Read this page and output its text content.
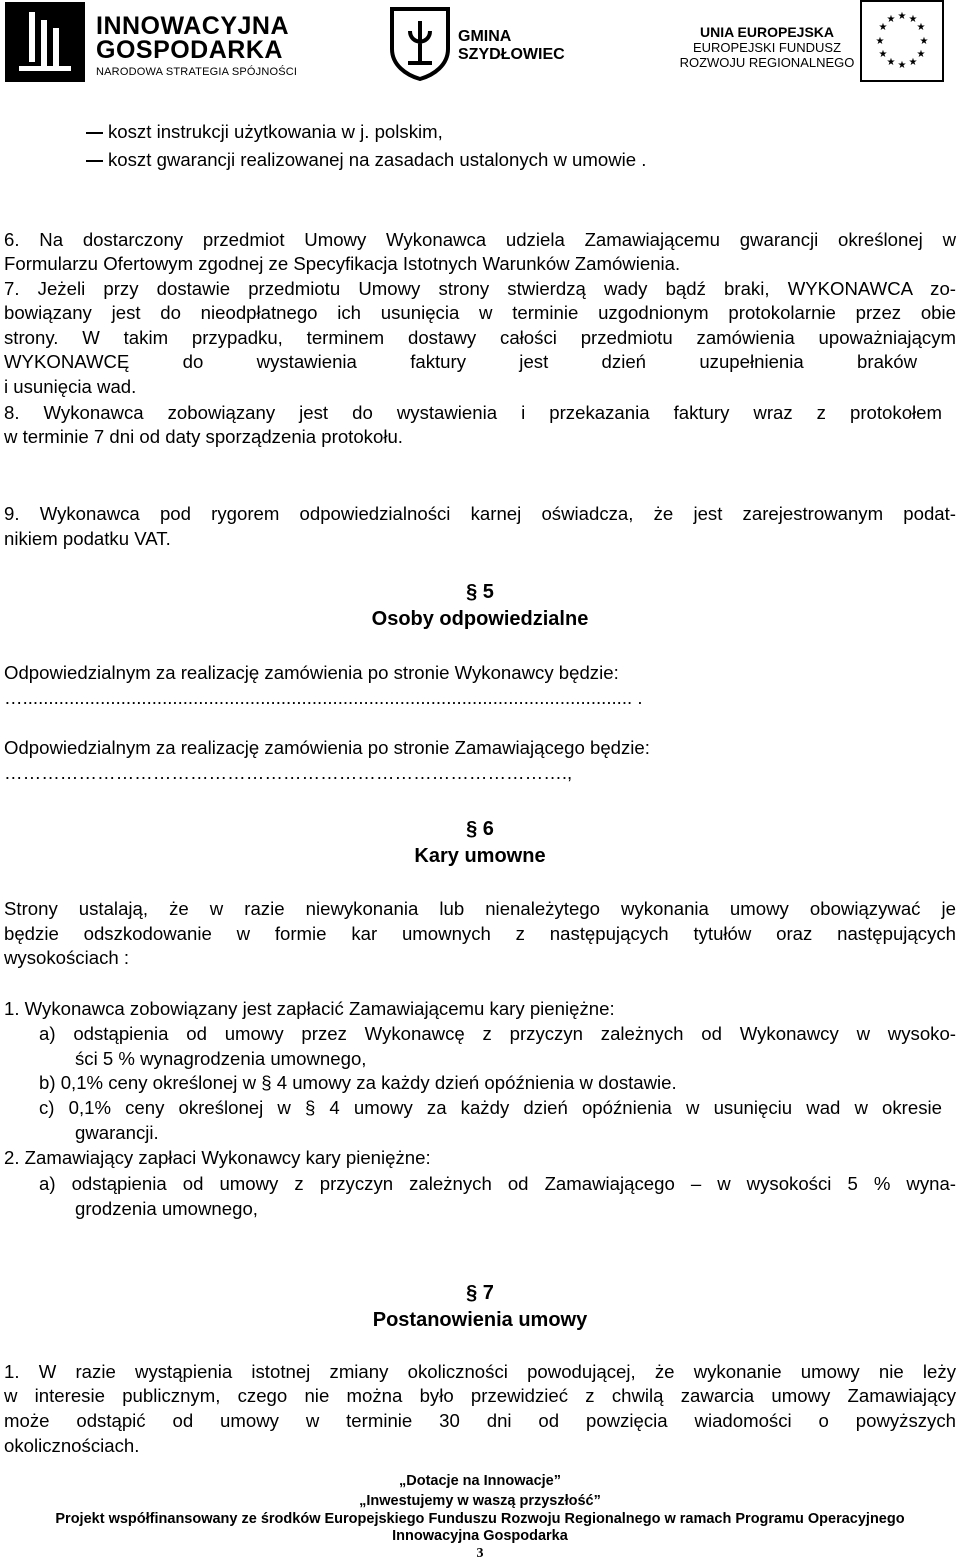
INNOWACYJNA
GOSPODARKA
NARODOWA STRATEGIA SPÓJNOŚCI
GMINA
SZYDŁOWIEC
UNIA EUROPEJSKA
EUROPEJSKI FUNDUSZ
ROZWOJU REGIONALNEGO
★ ★
★
★
★
★
★
★
★
★
★
★
koszt instrukcji użytkowania w j. polskim,
koszt gwarancji realizowanej na zasadach ustalonych w umowie .
6. Na dostarczony przedmiot Umowy Wykonawca udziela Zamawiającemu gwarancji określonej w
Formularzu Ofertowym zgodnej ze Specyfikacja Istotnych Warunków Zamówienia.
7. Jeżeli przy dostawie przedmiotu Umowy strony stwierdzą wady bądź braki, WYKONAWCA zo-
bowiązany jest do nieodpłatnego ich usunięcia w terminie uzgodnionym protokolarnie przez obie
strony. W takim przypadku, terminem dostawy całości przedmiotu zamówienia upoważniającym
WYKONAWCĘ do wystawienia faktury jest dzień uzupełnienia braków
i usunięcia wad.
8. Wykonawca zobowiązany jest do wystawienia i przekazania faktury wraz z protokołem
w terminie 7 dni od daty sporządzenia protokołu.
9. Wykonawca pod rygorem odpowiedzialności karnej oświadcza, że jest zarejestrowanym podat-
nikiem podatku VAT.
§ 5
Osoby odpowiedzialne
Odpowiedzialnym za realizację zamówienia po stronie Wykonawcy będzie:
…...................................................................................................................... .
Odpowiedzialnym za realizację zamówienia po stronie Zamawiającego będzie:
……………………………………………………………………………….,
§ 6
Kary umowne
Strony ustalają, że w razie niewykonania lub nienależytego wykonania umowy obowiązywać je
będzie odszkodowanie w formie kar umownych z następujących tytułów oraz następujących
wysokościach :
1. Wykonawca zobowiązany jest zapłacić Zamawiającemu kary pieniężne:
a) odstąpienia od umowy przez Wykonawcę z przyczyn zależnych od Wykonawcy w wysoko-
ści 5 % wynagrodzenia umownego,
b) 0,1% ceny określonej w § 4 umowy za każdy dzień opóźnienia w dostawie.
c) 0,1% ceny określonej w § 4 umowy za każdy dzień opóźnienia w usunięciu wad w okresie
gwarancji.
2. Zamawiający zapłaci Wykonawcy kary pieniężne:
a) odstąpienia od umowy z przyczyn zależnych od Zamawiającego – w wysokości 5 % wyna-
grodzenia umownego,
§ 7
Postanowienia umowy
1. W razie wystąpienia istotnej zmiany okoliczności powodującej, że wykonanie umowy nie leży
w interesie publicznym, czego nie można było przewidzieć z chwilą zawarcia umowy Zamawiający
może odstąpić od umowy w terminie 30 dni od powzięcia wiadomości o powyższych
okolicznościach.
„Dotacje na Innowacje”
„Inwestujemy w waszą przyszłość”
Projekt współfinansowany ze środków Europejskiego Funduszu Rozwoju Regionalnego w ramach Programu Operacyjnego
Innowacyjna Gospodarka
3
